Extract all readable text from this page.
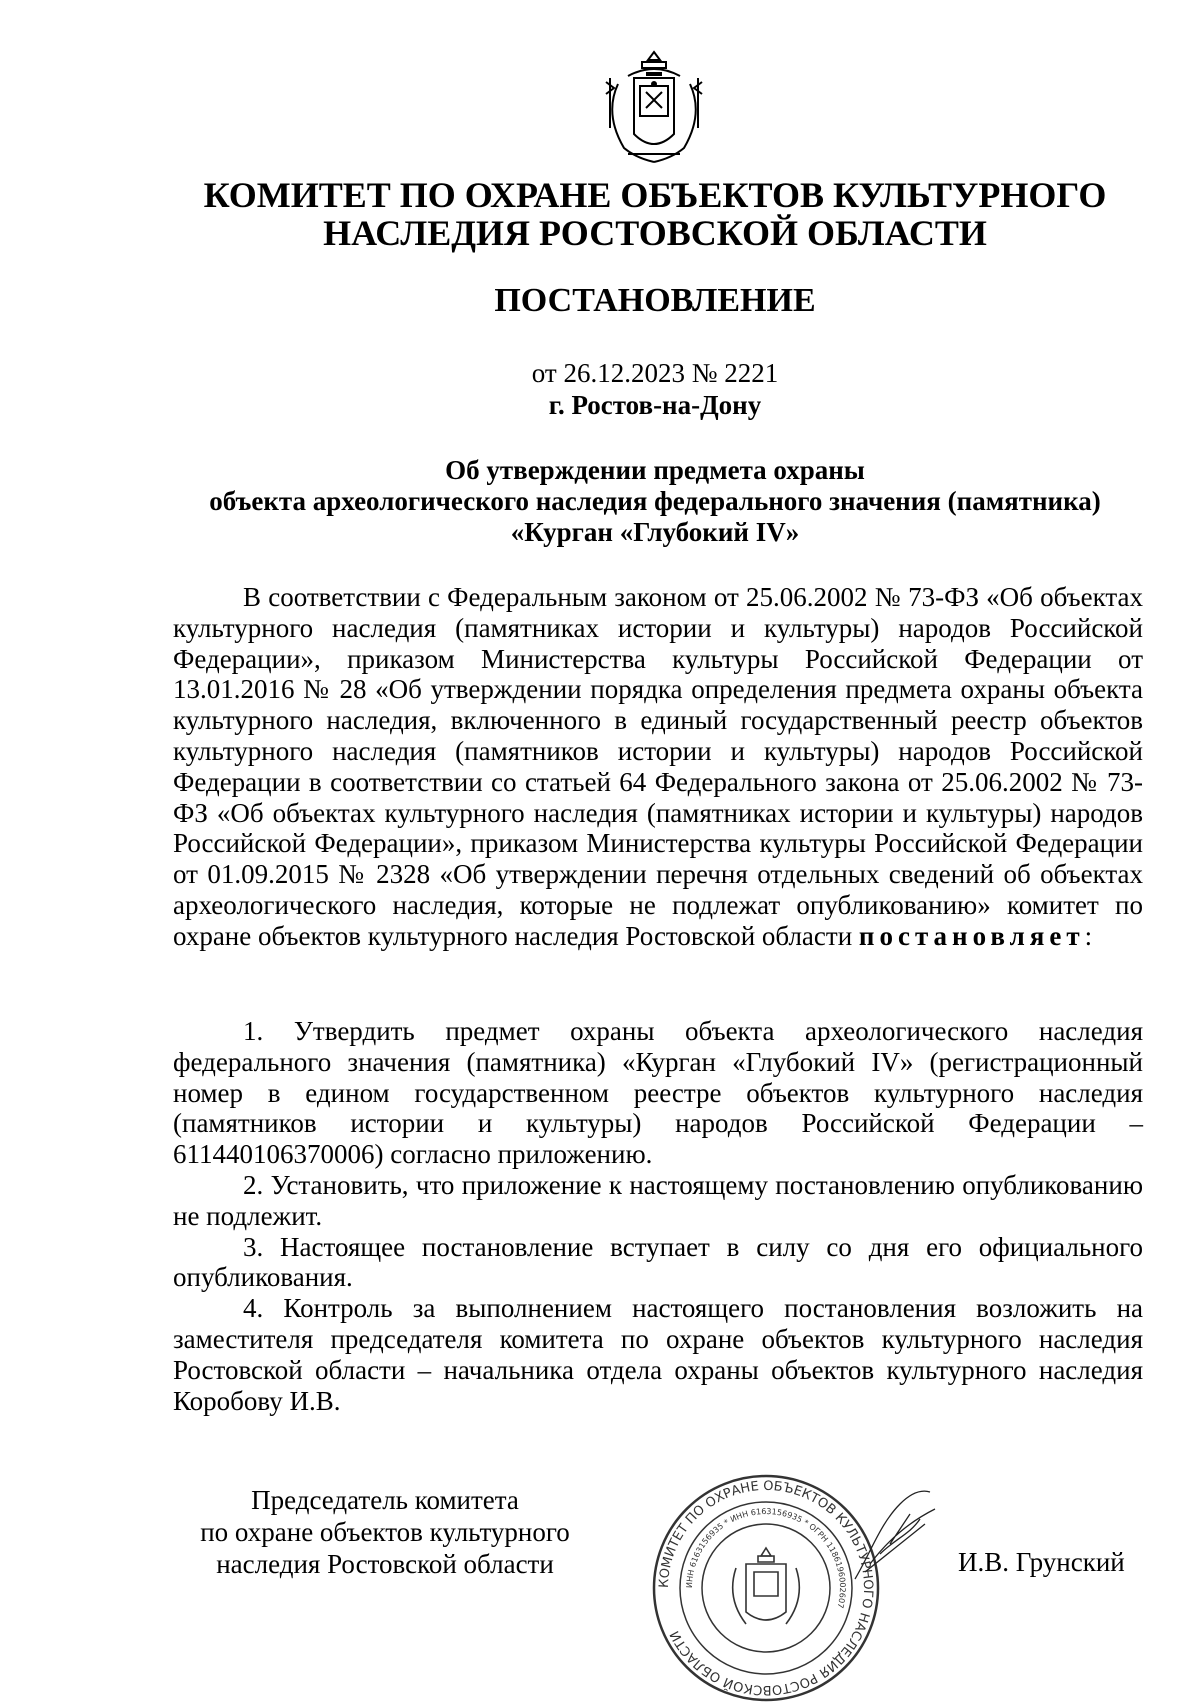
КОМИТЕТ ПО ОХРАНЕ ОБЪЕКТОВ КУЛЬТУРНОГО
НАСЛЕДИЯ РОСТОВСКОЙ ОБЛАСТИ
ПОСТАНОВЛЕНИЕ
от 26.12.2023 № 2221
г. Ростов-на-Дону
Об утверждении предмета охраны
объекта археологического наследия федерального значения (памятника)
«Курган «Глубокий IV»

В соответствии с Федеральным законом от 25.06.2002 № 73-ФЗ «Об объектах культурного наследия (памятниках истории и культуры) народов Российской Федерации», приказом Министерства культуры Российской Федерации от 13.01.2016 № 28 «Об утверждении порядка определения предмета охраны объекта культурного наследия, включенного в единый государственный реестр объектов культурного наследия (памятников истории и культуры) народов Российской Федерации в соответствии со статьей 64 Федерального закона от 25.06.2002 № 73-ФЗ «Об объектах культурного наследия (памятниках истории и культуры) народов Российской Федерации», приказом Министерства культуры Российской Федерации от 01.09.2015 № 2328 «Об утверждении перечня отдельных сведений об объектах археологического наследия, которые не подлежат опубликованию» комитет по охране объектов культурного наследия Ростовской области постановляет:

1. Утвердить предмет охраны объекта археологического наследия федерального значения (памятника) «Курган «Глубокий IV» (регистрационный номер в едином государственном реестре объектов культурного наследия (памятников истории и культуры) народов Российской Федерации – 611440106370006) согласно приложению.

2. Установить, что приложение к настоящему постановлению опубликованию не подлежит.

3. Настоящее постановление вступает в силу со дня его официального опубликования.

4. Контроль за выполнением настоящего постановления возложить на заместителя председателя комитета по охране объектов культурного наследия Ростовской области – начальника отдела охраны объектов культурного наследия Коробову И.В.

Председатель комитета
по охране объектов культурного
наследия Ростовской области
КОМИТЕТ ПО ОХРАНЕ ОБЪЕКТОВ КУЛЬТУРНОГО НАСЛЕДИЯ РОСТОВСКОЙ ОБЛАСТИ
ИНН 6163156935 * ИНН 6163156935 * ОГРН 1186196002607
И.В. Грунский
